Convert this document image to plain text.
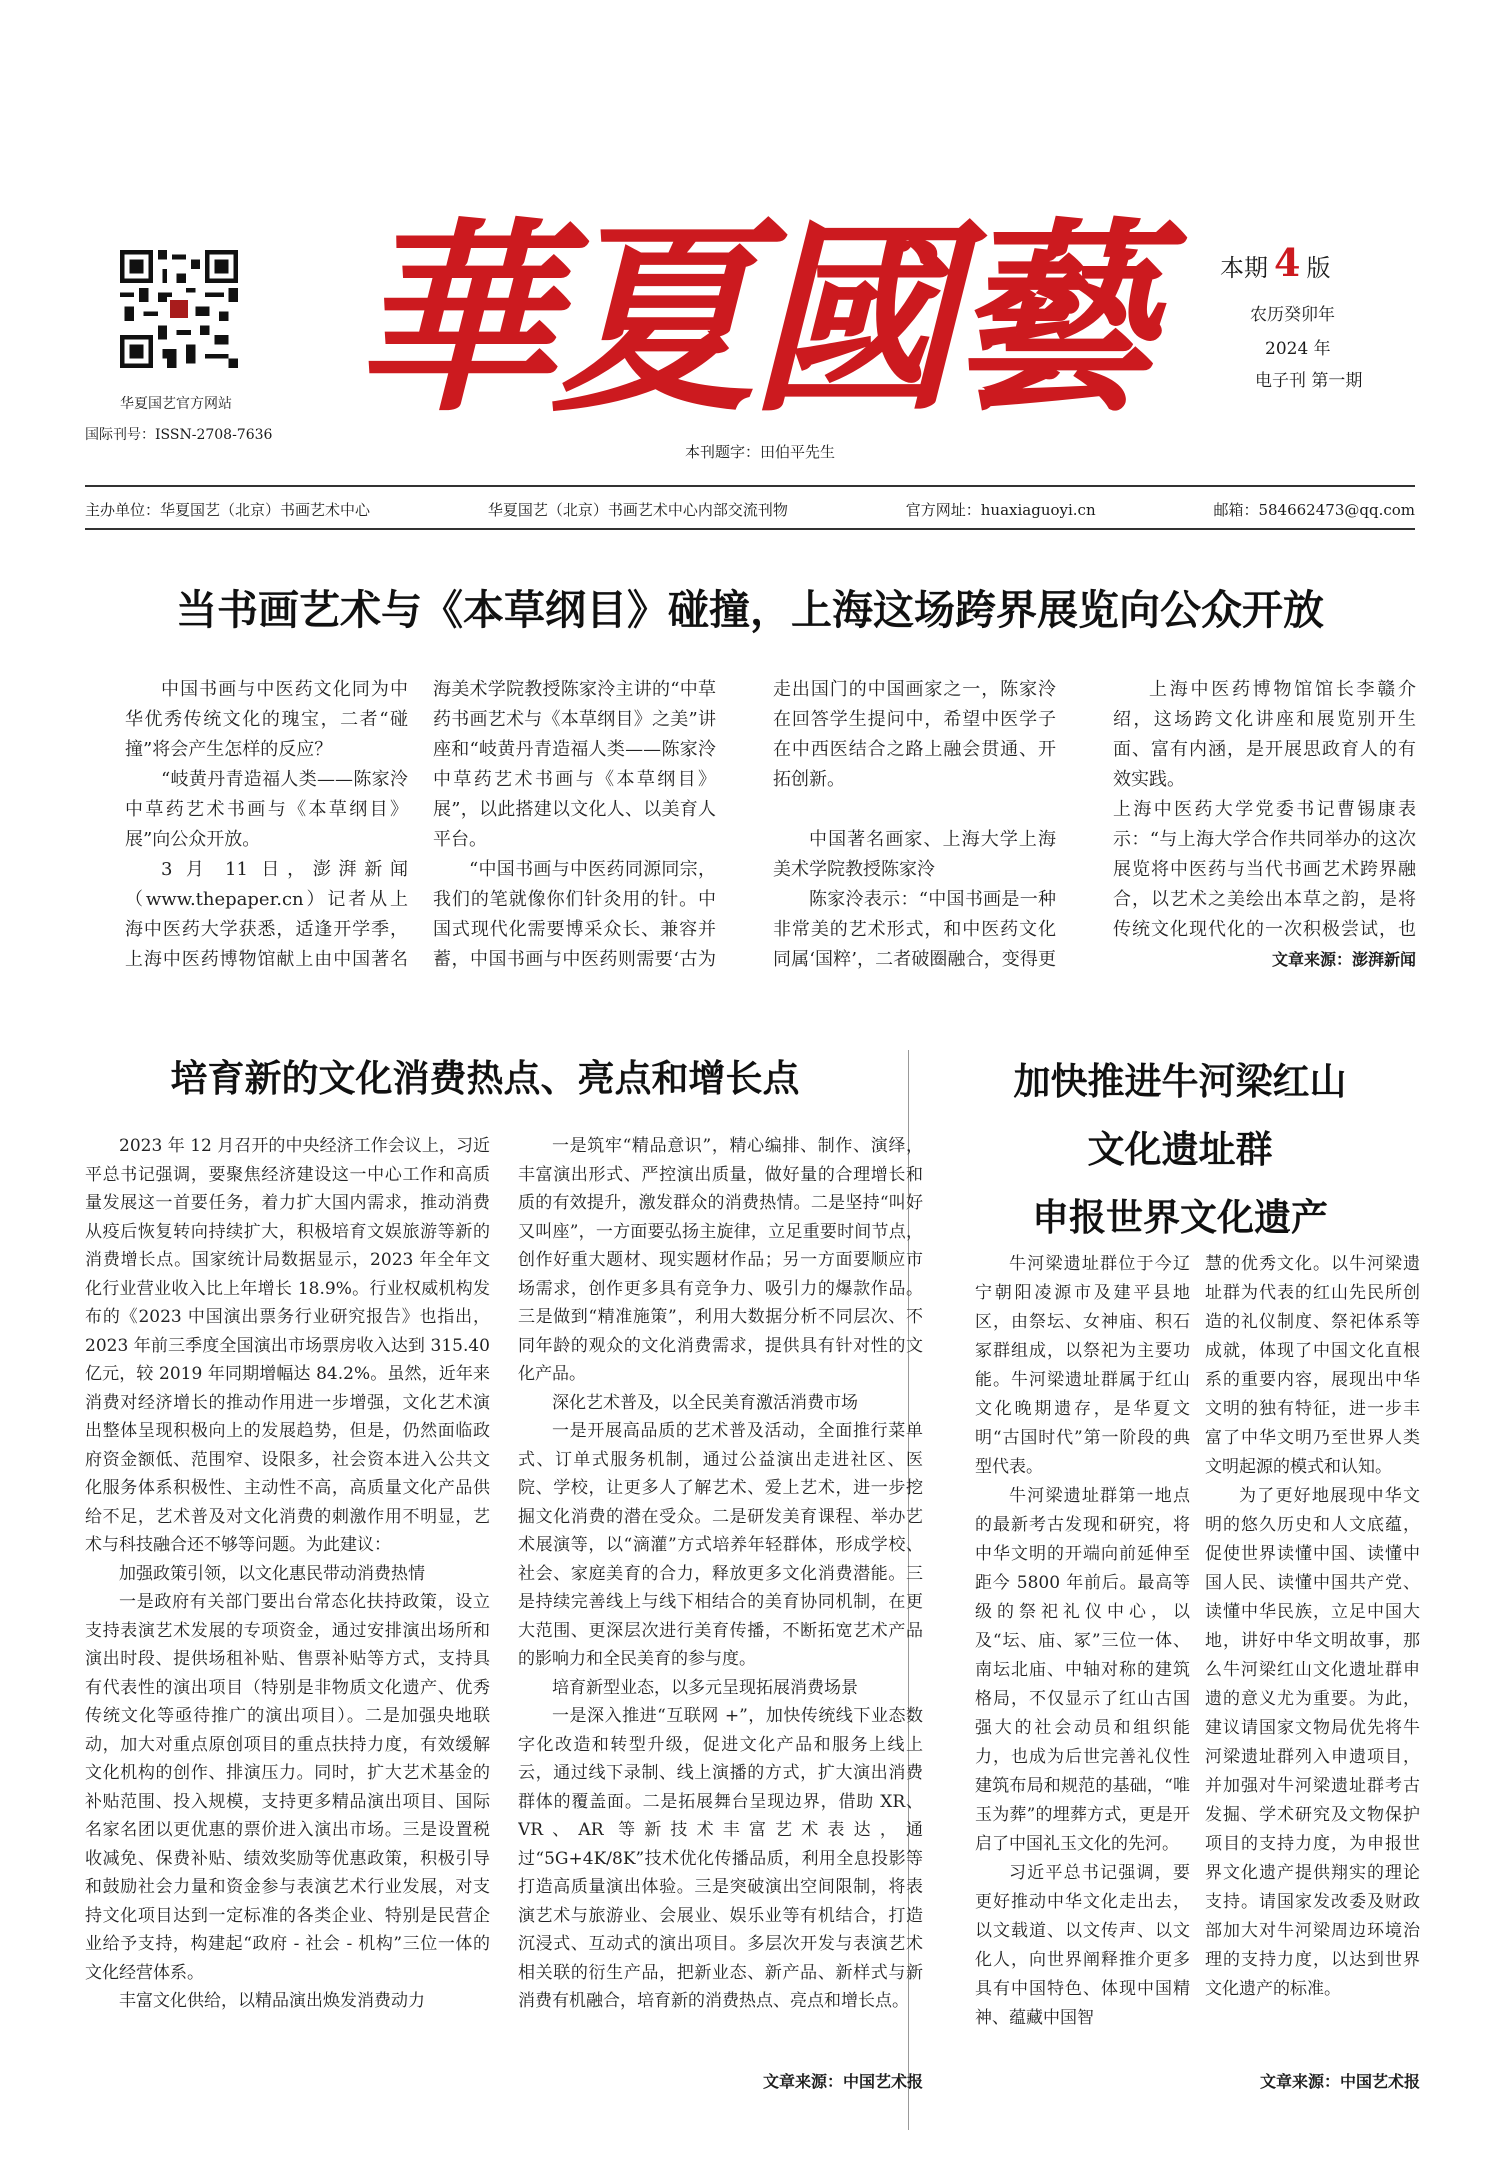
华夏国艺官方网站
国际刊号：ISSN-2708-7636 華夏國藝
本刊题字：田伯平先生
本期 4 版
农历癸卯年
2024 年
电子刊 第一期
主办单位：华夏国艺（北京）书画艺术中心	华夏国艺（北京）书画艺术中心内部交流刊物	官方网址：huaxiaguoyi.cn	邮箱：584662473@qq.com
当书画艺术与《本草纲目》碰撞，上海这场跨界展览向公众开放

中国书画与中医药文化同为中华优秀传统文化的瑰宝，二者“碰撞”将会产生怎样的反应？

“岐黄丹青造福人类——陈家泠中草药艺术书画与《本草纲目》展”向公众开放。

3 月 11 日，澎湃新闻（www.thepaper.cn）记者从上海中医药大学获悉，适逢开学季，上海中医药博物馆献上由中国著名

海美术学院教授陈家泠主讲的“中草药书画艺术与《本草纲目》之美”讲座和“岐黄丹青造福人类——陈家泠中草药艺术书画与《本草纲目》展”，以此搭建以文化人、以美育人平台。

“中国书画与中医药同源同宗，我们的笔就像你们针灸用的针。中国式现代化需要博采众长、兼容并蓄，中国书画与中医药则需要‘古为

走出国门的中国画家之一，陈家泠在回答学生提问中，希望中医学子在中西医结合之路上融会贯通、开拓创新。

中国著名画家、上海大学上海美术学院教授陈家泠

陈家泠表示：“中国书画是一种非常美的艺术形式，和中医药文化同属‘国粹’，二者破圈融合，变得更

上海中医药博物馆馆长李赣介绍，这场跨文化讲座和展览别开生面、富有内涵，是开展思政育人的有效实践。

上海中医药大学党委书记曹锡康表示：“与上海大学合作共同举办的这次展览将中医药与当代书画艺术跨界融合，以艺术之美绘出本草之韵，是将传统文化现代化的一次积极尝试，也

文章来源：澎湃新闻

培育新的文化消费热点、亮点和增长点

2023 年 12 月召开的中央经济工作会议上，习近平总书记强调，要聚焦经济建设这一中心工作和高质量发展这一首要任务，着力扩大国内需求，推动消费从疫后恢复转向持续扩大，积极培育文娱旅游等新的消费增长点。国家统计局数据显示，2023 年全年文化行业营业收入比上年增长 18.9%。行业权威机构发布的《2023 中国演出票务行业研究报告》也指出，2023 年前三季度全国演出市场票房收入达到 315.40 亿元，较 2019 年同期增幅达 84.2%。虽然，近年来消费对经济增长的推动作用进一步增强，文化艺术演出整体呈现积极向上的发展趋势，但是，仍然面临政府资金额低、范围窄、设限多，社会资本进入公共文化服务体系积极性、主动性不高，高质量文化产品供给不足，艺术普及对文化消费的刺激作用不明显，艺术与科技融合还不够等问题。为此建议：

加强政策引领，以文化惠民带动消费热情

一是政府有关部门要出台常态化扶持政策，设立支持表演艺术发展的专项资金，通过安排演出场所和演出时段、提供场租补贴、售票补贴等方式，支持具有代表性的演出项目（特别是非物质文化遗产、优秀传统文化等亟待推广的演出项目）。二是加强央地联动，加大对重点原创项目的重点扶持力度，有效缓解文化机构的创作、排演压力。同时，扩大艺术基金的补贴范围、投入规模，支持更多精品演出项目、国际名家名团以更优惠的票价进入演出市场。三是设置税收减免、保费补贴、绩效奖励等优惠政策，积极引导和鼓励社会力量和资金参与表演艺术行业发展，对支持文化项目达到一定标准的各类企业、特别是民营企业给予支持，构建起“政府 - 社会 - 机构”三位一体的文化经营体系。

丰富文化供给，以精品演出焕发消费动力

一是筑牢“精品意识”，精心编排、制作、演绎，丰富演出形式、严控演出质量，做好量的合理增长和质的有效提升，激发群众的消费热情。二是坚持“叫好又叫座”，一方面要弘扬主旋律，立足重要时间节点，创作好重大题材、现实题材作品；另一方面要顺应市场需求，创作更多具有竞争力、吸引力的爆款作品。三是做到“精准施策”，利用大数据分析不同层次、不同年龄的观众的文化消费需求，提供具有针对性的文化产品。

深化艺术普及，以全民美育激活消费市场

一是开展高品质的艺术普及活动，全面推行菜单式、订单式服务机制，通过公益演出走进社区、医院、学校，让更多人了解艺术、爱上艺术，进一步挖掘文化消费的潜在受众。二是研发美育课程、举办艺术展演等，以“滴灌”方式培养年轻群体，形成学校、社会、家庭美育的合力，释放更多文化消费潜能。三是持续完善线上与线下相结合的美育协同机制，在更大范围、更深层次进行美育传播，不断拓宽艺术产品的影响力和全民美育的参与度。

培育新型业态，以多元呈现拓展消费场景

一是深入推进“互联网 +”，加快传统线下业态数字化改造和转型升级，促进文化产品和服务上线上云，通过线下录制、线上演播的方式，扩大演出消费群体的覆盖面。二是拓展舞台呈现边界，借助 XR、VR、AR 等新技术丰富艺术表达，通过“5G+4K/8K”技术优化传播品质，利用全息投影等打造高质量演出体验。三是突破演出空间限制，将表演艺术与旅游业、会展业、娱乐业等有机结合，打造沉浸式、互动式的演出项目。多层次开发与表演艺术相关联的衍生产品，把新业态、新产品、新样式与新消费有机融合，培育新的消费热点、亮点和增长点。

文章来源：中国艺术报

加快推进牛河梁红山
文化遗址群
申报世界文化遗产

牛河梁遗址群位于今辽宁朝阳凌源市及建平县地区，由祭坛、女神庙、积石冢群组成，以祭祀为主要功能。牛河梁遗址群属于红山文化晚期遗存，是华夏文明“古国时代”第一阶段的典型代表。

牛河梁遗址群第一地点的最新考古发现和研究，将中华文明的开端向前延伸至距今 5800 年前后。最高等级的祭祀礼仪中心，以及“坛、庙、冢”三位一体、南坛北庙、中轴对称的建筑格局，不仅显示了红山古国强大的社会动员和组织能力，也成为后世完善礼仪性建筑布局和规范的基础，“唯玉为葬”的埋葬方式，更是开启了中国礼玉文化的先河。

习近平总书记强调，要更好推动中华文化走出去，以文载道、以文传声、以文化人，向世界阐释推介更多具有中国特色、体现中国精神、蕴藏中国智

慧的优秀文化。以牛河梁遗址群为代表的红山先民所创造的礼仪制度、祭祀体系等成就，体现了中国文化直根系的重要内容，展现出中华文明的独有特征，进一步丰富了中华文明乃至世界人类文明起源的模式和认知。

为了更好地展现中华文明的悠久历史和人文底蕴，促使世界读懂中国、读懂中国人民、读懂中国共产党、读懂中华民族，立足中国大地，讲好中华文明故事，那么牛河梁红山文化遗址群申遗的意义尤为重要。为此，建议请国家文物局优先将牛河梁遗址群列入申遗项目，并加强对牛河梁遗址群考古发掘、学术研究及文物保护项目的支持力度，为申报世界文化遗产提供翔实的理论支持。请国家发改委及财政部加大对牛河梁周边环境治理的支持力度，以达到世界文化遗产的标准。

文章来源：中国艺术报
